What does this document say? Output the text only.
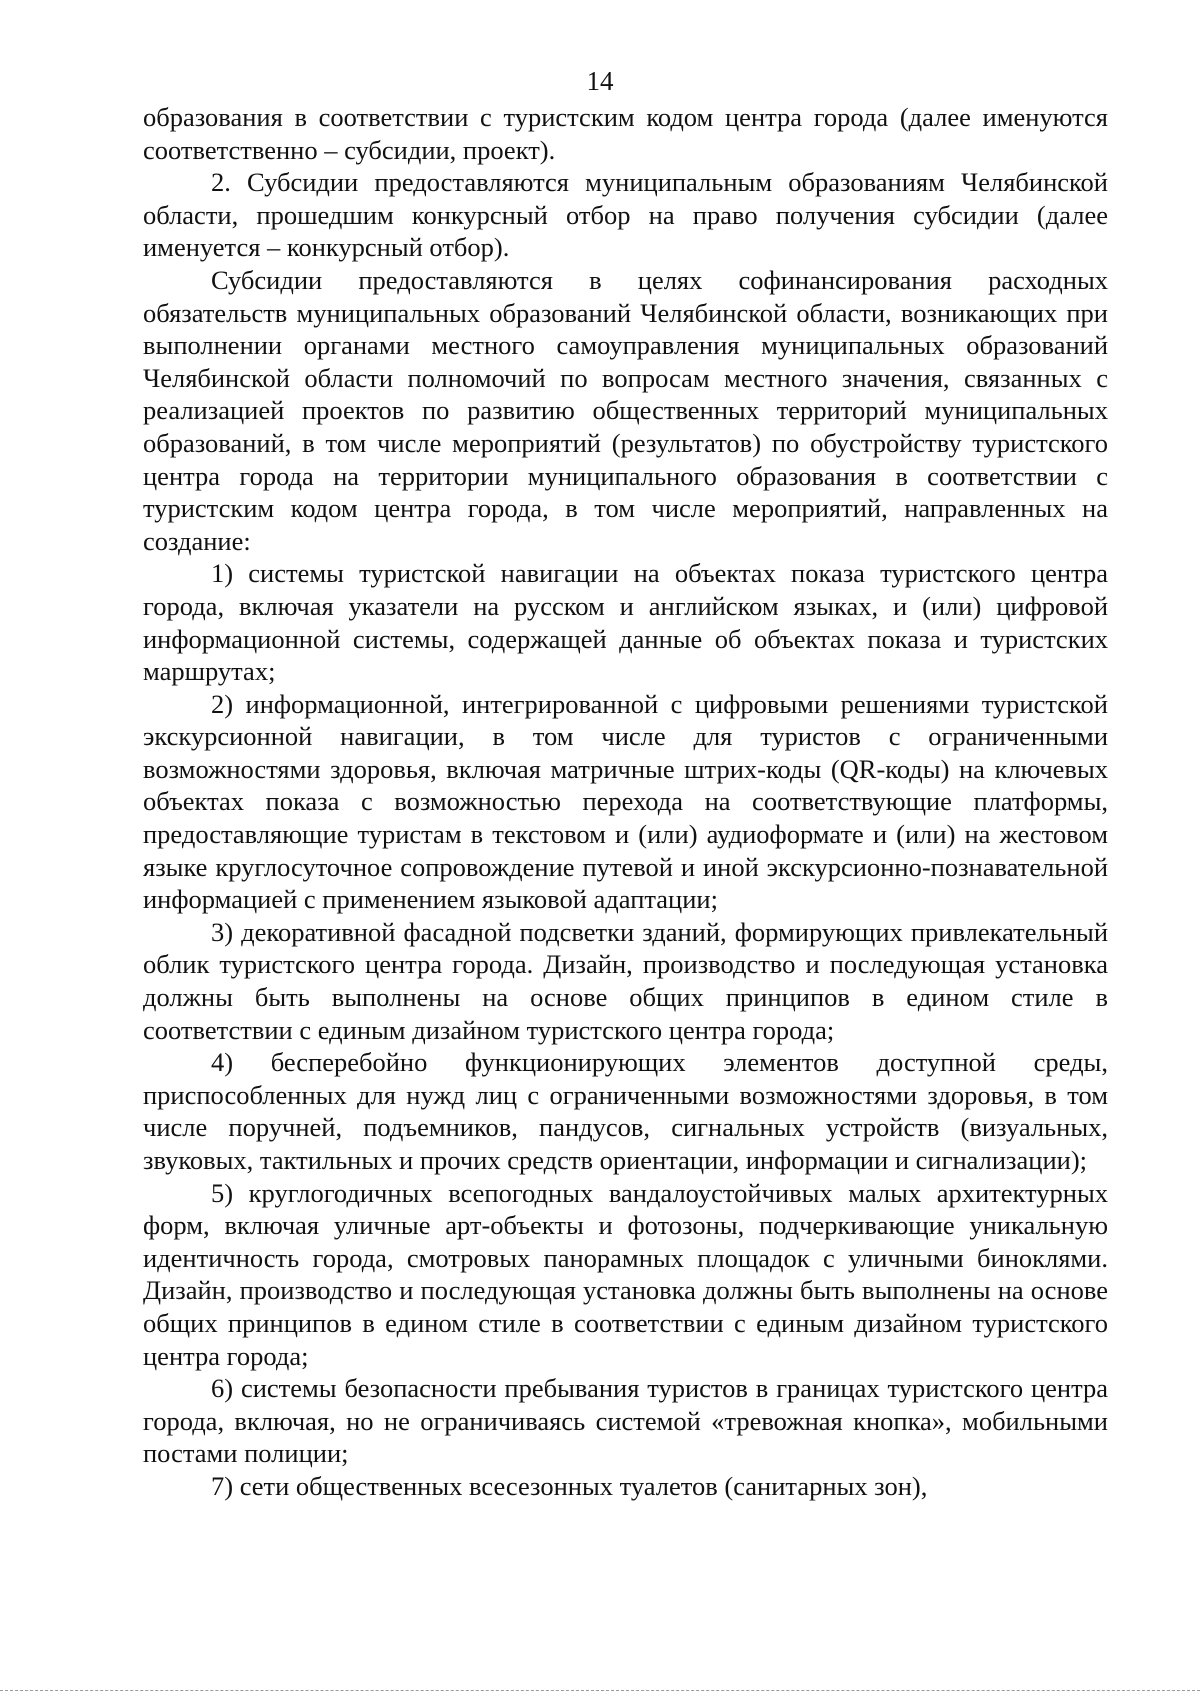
14

образования в соответствии с туристским кодом центра города (далее именуются соответственно – субсидии, проект).

2. Субсидии предоставляются муниципальным образованиям Челябинской области, прошедшим конкурсный отбор на право получения субсидии (далее именуется – конкурсный отбор).

Субсидии предоставляются в целях софинансирования расходных обязательств муниципальных образований Челябинской области, возникающих при выполнении органами местного самоуправления муниципальных образований Челябинской области полномочий по вопросам местного значения, связанных с реализацией проектов по развитию общественных территорий муниципальных образований, в том числе мероприятий (результатов) по обустройству туристского центра города на территории муниципального образования в соответствии с туристским кодом центра города, в том числе мероприятий, направленных на создание:

1) системы туристской навигации на объектах показа туристского центра города, включая указатели на русском и английском языках, и (или) цифровой информационной системы, содержащей данные об объектах показа и туристских маршрутах;

2) информационной, интегрированной с цифровыми решениями туристской экскурсионной навигации, в том числе для туристов с ограниченными возможностями здоровья, включая матричные штрих-коды (QR-коды) на ключевых объектах показа с возможностью перехода на соответствующие платформы, предоставляющие туристам в текстовом и (или) аудиоформате и (или) на жестовом языке круглосуточное сопровождение путевой и иной экскурсионно-познавательной информацией с применением языковой адаптации;

3) декоративной фасадной подсветки зданий, формирующих привлекательный облик туристского центра города. Дизайн, производство и последующая установка должны быть выполнены на основе общих принципов в едином стиле в соответствии с единым дизайном туристского центра города;

4) бесперебойно функционирующих элементов доступной среды, приспособленных для нужд лиц с ограниченными возможностями здоровья, в том числе поручней, подъемников, пандусов, сигнальных устройств (визуальных, звуковых, тактильных и прочих средств ориентации, информации и сигнализации);

5) круглогодичных всепогодных вандалоустойчивых малых архитектурных форм, включая уличные арт-объекты и фотозоны, подчеркивающие уникальную идентичность города, смотровых панорамных площадок с уличными биноклями. Дизайн, производство и последующая установка должны быть выполнены на основе общих принципов в едином стиле в соответствии с единым дизайном туристского центра города;

6) системы безопасности пребывания туристов в границах туристского центра города, включая, но не ограничиваясь системой «тревожная кнопка», мобильными постами полиции;

7) сети общественных всесезонных туалетов (санитарных зон),
